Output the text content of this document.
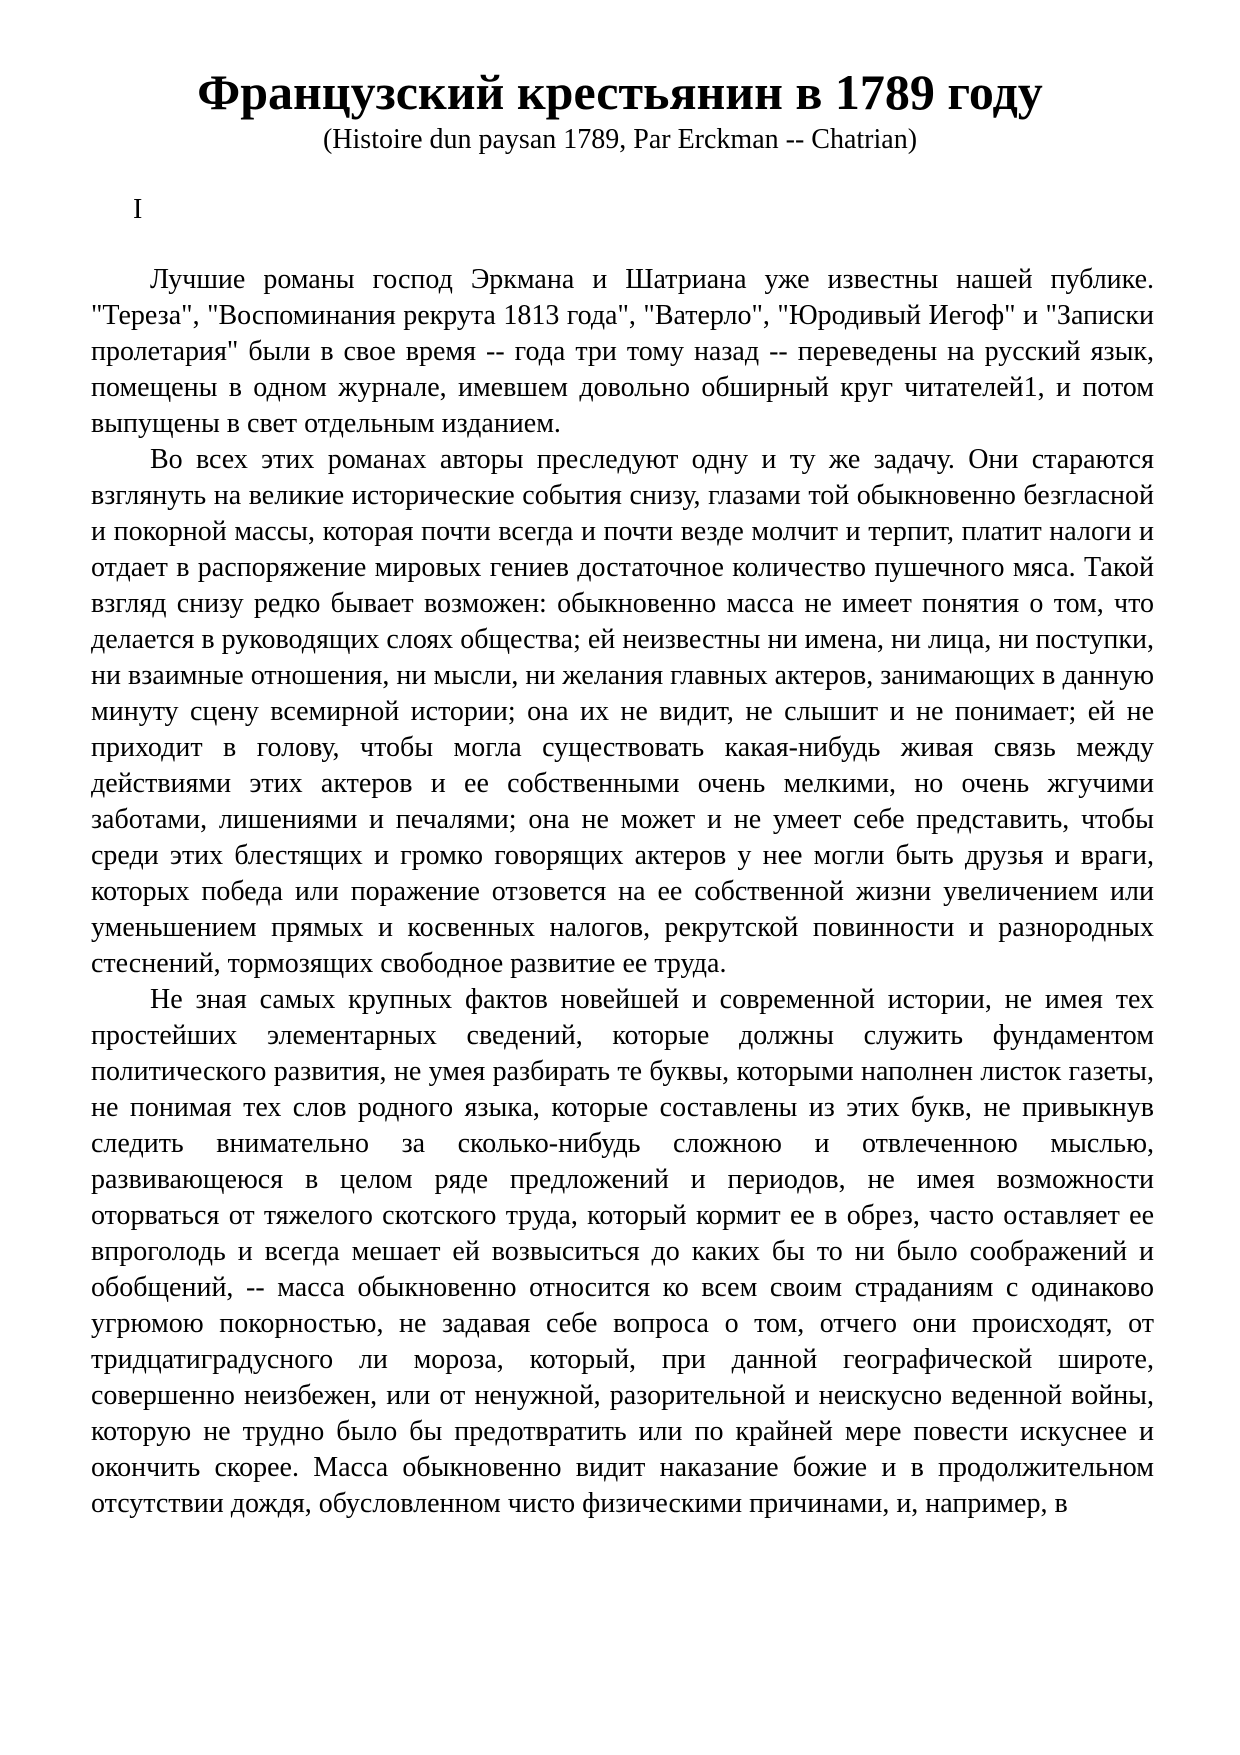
Французский крестьянин в 1789 году
(Histoire dun paysan 1789, Par Erckman -- Chatrian)
I

Лучшие романы господ Эркмана и Шатриана уже известны нашей публике. "Тереза", "Воспоминания рекрута 1813 года", "Ватерло", "Юродивый Иегоф" и "Записки пролетария" были в свое время -- года три тому назад -- переведены на русский язык, помещены в одном журнале, имевшем довольно обширный круг читателей1, и потом выпущены в свет отдельным изданием.

Во всех этих романах авторы преследуют одну и ту же задачу. Они стараются взглянуть на великие исторические события снизу, глазами той обыкновенно безгласной и покорной массы, которая почти всегда и почти везде молчит и терпит, платит налоги и отдает в распоряжение мировых гениев достаточное количество пушечного мяса. Такой взгляд снизу редко бывает возможен: обыкновенно масса не имеет понятия о том, что делается в руководящих слоях общества; ей неизвестны ни имена, ни лица, ни поступки, ни взаимные отношения, ни мысли, ни желания главных актеров, занимающих в данную минуту сцену всемирной истории; она их не видит, не слышит и не понимает; ей не приходит в голову, чтобы могла существовать какая-нибудь живая связь между действиями этих актеров и ее собственными очень мелкими, но очень жгучими заботами, лишениями и печалями; она не может и не умеет себе представить, чтобы среди этих блестящих и громко говорящих актеров у нее могли быть друзья и враги, которых победа или поражение отзовется на ее собственной жизни увеличением или уменьшением прямых и косвенных налогов, рекрутской повинности и разнородных стеснений, тормозящих свободное развитие ее труда.

Не зная самых крупных фактов новейшей и современной истории, не имея тех простейших элементарных сведений, которые должны служить фундаментом политического развития, не умея разбирать те буквы, которыми наполнен листок газеты, не понимая тех слов родного языка, которые составлены из этих букв, не привыкнув следить внимательно за сколько-нибудь сложною и отвлеченною мыслью, развивающеюся в целом ряде предложений и периодов, не имея возможности оторваться от тяжелого скотского труда, который кормит ее в обрез, часто оставляет ее впроголодь и всегда мешает ей возвыситься до каких бы то ни было соображений и обобщений, -- масса обыкновенно относится ко всем своим страданиям с одинаково угрюмою покорностью, не задавая себе вопроса о том, отчего они происходят, от тридцатиградусного ли мороза, который, при данной географической широте, совершенно неизбежен, или от ненужной, разорительной и неискусно веденной войны, которую не трудно было бы предотвратить или по крайней мере повести искуснее и окончить скорее. Масса обыкновенно видит наказание божие и в продолжительном отсутствии дождя, обусловленном чисто физическими причинами, и, например, в
